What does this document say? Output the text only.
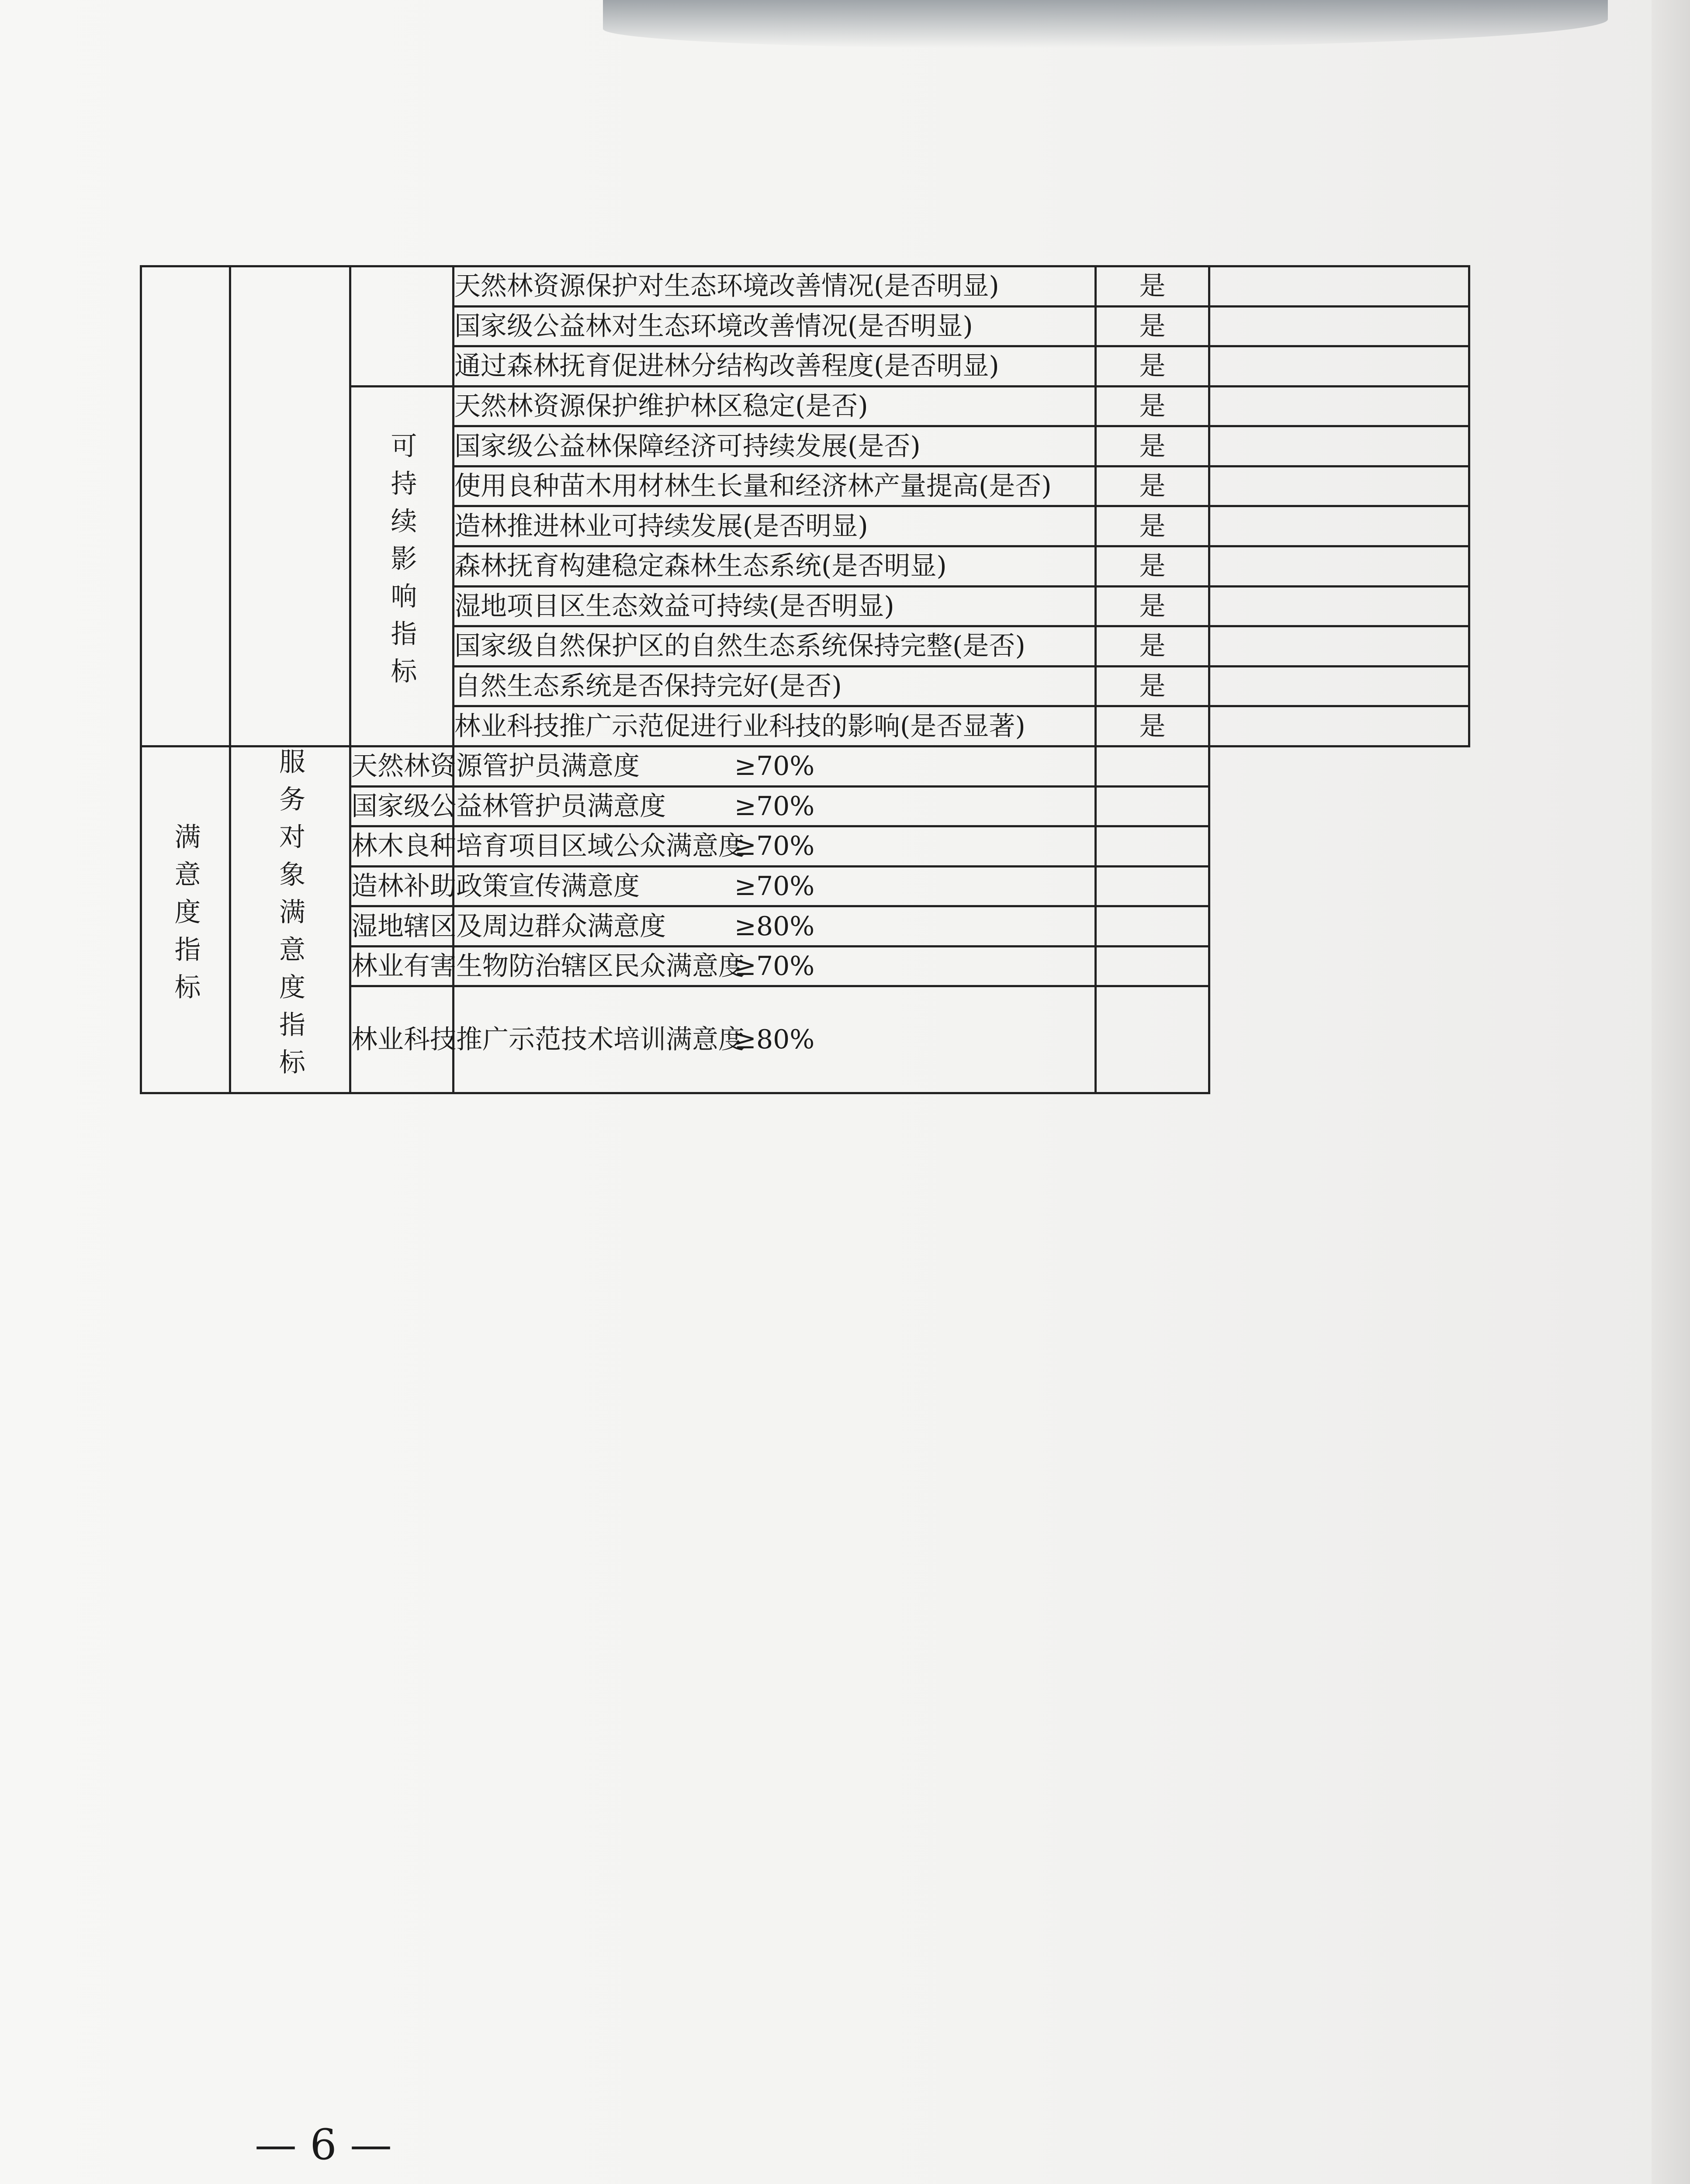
			天然林资源保护对生态环境改善情况(是否明显)	是	
			国家级公益林对生态环境改善情况(是否明显)	是	
			通过森林抚育促进林分结构改善程度(是否明显)	是	
		可持续影响指标	天然林资源保护维护林区稳定(是否)	是	
			国家级公益林保障经济可持续发展(是否)	是	
			使用良种苗木用材林生长量和经济林产量提高(是否)	是	
			造林推进林业可持续发展(是否明显)	是	
			森林抚育构建稳定森林生态系统(是否明显)	是	
			湿地项目区生态效益可持续(是否明显)	是	
			国家级自然保护区的自然生态系统保持完整(是否)	是	
			自然生态系统是否保持完好(是否)	是	
			林业科技推广示范促进行业科技的影响(是否显著)	是	
满意度指标	服务对象满意度指标	天然林资源管护员满意度	≥70%		
		国家级公益林管护员满意度	≥70%		
		林木良种培育项目区域公众满意度	≥70%		
		造林补助政策宣传满意度	≥70%		
		湿地辖区及周边群众满意度	≥80%		
		林业有害生物防治辖区民众满意度	≥70%		
		林业科技推广示范技术培训满意度	≥80%		
— 6 —
